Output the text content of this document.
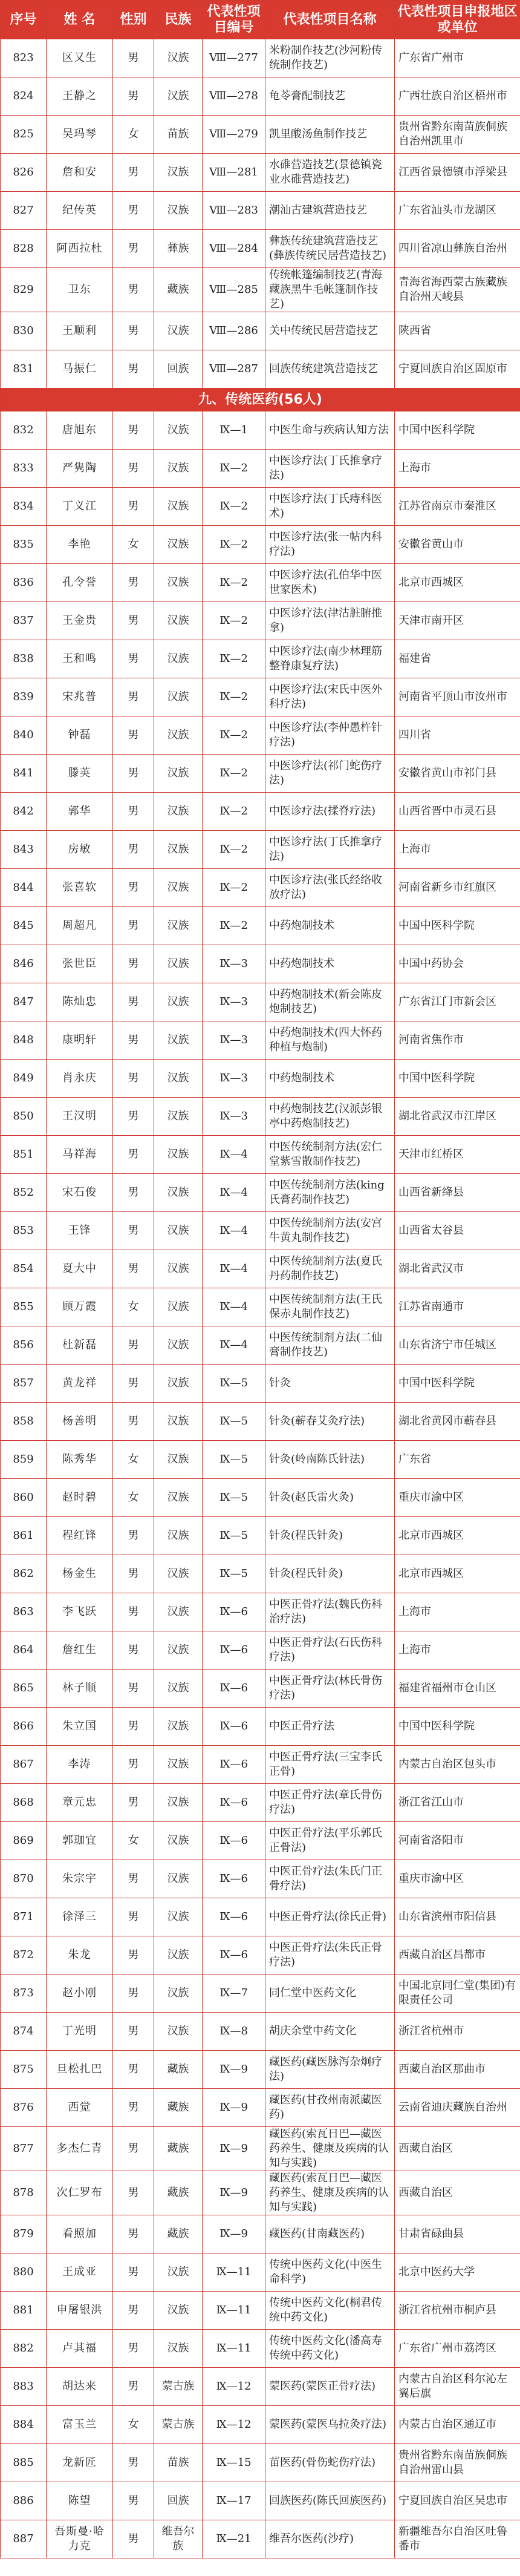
序号	姓 名	性别	民族	代表性项目编号	代表性项目名称	代表性项目申报地区或单位
823	区又生	男	汉族	Ⅷ—277	米粉制作技艺(沙河粉传统制作技艺)	广东省广州市
824	王静之	男	汉族	Ⅷ—278	龟苓膏配制技艺	广西壮族自治区梧州市
825	吴玛琴	女	苗族	Ⅷ—279	凯里酸汤鱼制作技艺	贵州省黔东南苗族侗族自治州凯里市
826	詹和安	男	汉族	Ⅷ—281	水碓营造技艺(景德镇瓷业水碓营造技艺)	江西省景德镇市浮梁县
827	纪传英	男	汉族	Ⅷ—283	潮汕古建筑营造技艺	广东省汕头市龙湖区
828	阿西拉杜	男	彝族	Ⅷ—284	彝族传统建筑营造技艺(彝族传统民居营造技艺)	四川省凉山彝族自治州
829	卫东	男	藏族	Ⅷ—285	传统帐篷编制技艺(青海藏族黑牛毛帐篷制作技艺)	青海省海西蒙古族藏族自治州天峻县
830	王顺利	男	汉族	Ⅷ—286	关中传统民居营造技艺	陕西省
831	马振仁	男	回族	Ⅷ—287	回族传统建筑营造技艺	宁夏回族自治区固原市
九、传统医药(56人)						
832	唐旭东	男	汉族	Ⅸ—1	中医生命与疾病认知方法	中国中医科学院
833	严隽陶	男	汉族	Ⅸ—2	中医诊疗法(丁氏推拿疗法)	上海市
834	丁义江	男	汉族	Ⅸ—2	中医诊疗法(丁氏痔科医术)	江苏省南京市秦淮区
835	李艳	女	汉族	Ⅸ—2	中医诊疗法(张一帖内科疗法)	安徽省黄山市
836	孔令誉	男	汉族	Ⅸ—2	中医诊疗法(孔伯华中医世家医术)	北京市西城区
837	王金贵	男	汉族	Ⅸ—2	中医诊疗法(津沽脏腑推拿)	天津市南开区
838	王和鸣	男	汉族	Ⅸ—2	中医诊疗法(南少林理筋整脊康复疗法)	福建省
839	宋兆普	男	汉族	Ⅸ—2	中医诊疗法(宋氏中医外科疗法)	河南省平顶山市汝州市
840	钟磊	男	汉族	Ⅸ—2	中医诊疗法(李仲愚杵针疗法)	四川省
841	滕英	男	汉族	Ⅸ—2	中医诊疗法(祁门蛇伤疗法)	安徽省黄山市祁门县
842	郭华	男	汉族	Ⅸ—2	中医诊疗法(揉脊疗法)	山西省晋中市灵石县
843	房敏	男	汉族	Ⅸ—2	中医诊疗法(丁氏推拿疗法)	上海市
844	张喜软	男	汉族	Ⅸ—2	中医诊疗法(张氏经络收放疗法)	河南省新乡市红旗区
845	周超凡	男	汉族	Ⅸ—2	中药炮制技术	中国中医科学院
846	张世臣	男	汉族	Ⅸ—3	中药炮制技术	中国中药协会
847	陈灿忠	男	汉族	Ⅸ—3	中药炮制技术(新会陈皮炮制技艺)	广东省江门市新会区
848	康明轩	男	汉族	Ⅸ—3	中药炮制技术(四大怀药种植与炮制)	河南省焦作市
849	肖永庆	男	汉族	Ⅸ—3	中药炮制技术	中国中医科学院
850	王汉明	男	汉族	Ⅸ—3	中药炮制技艺(汉派彭银亭中药炮制技艺)	湖北省武汉市江岸区
851	马祥海	男	汉族	Ⅸ—4	中医传统制剂方法(宏仁堂紫雪散制作技艺)	天津市红桥区
852	宋石俊	男	汉族	Ⅸ—4	中医传统制剂方法(king氏膏药制作技艺)	山西省新绛县
853	王锋	男	汉族	Ⅸ—4	中医传统制剂方法(安宫牛黄丸制作技艺)	山西省太谷县
854	夏大中	男	汉族	Ⅸ—4	中医传统制剂方法(夏氏丹药制作技艺)	湖北省武汉市
855	顾万霞	女	汉族	Ⅸ—4	中医传统制剂方法(王氏保赤丸制作技艺)	江苏省南通市
856	杜新磊	男	汉族	Ⅸ—4	中医传统制剂方法(二仙膏制作技艺)	山东省济宁市任城区
857	黄龙祥	男	汉族	Ⅸ—5	针灸	中国中医科学院
858	杨善明	男	汉族	Ⅸ—5	针灸(蕲春艾灸疗法)	湖北省黄冈市蕲春县
859	陈秀华	女	汉族	Ⅸ—5	针灸(岭南陈氏针法)	广东省
860	赵时碧	女	汉族	Ⅸ—5	针灸(赵氏雷火灸)	重庆市渝中区
861	程红锋	男	汉族	Ⅸ—5	针灸(程氏针灸)	北京市西城区
862	杨金生	男	汉族	Ⅸ—5	针灸(程氏针灸)	北京市西城区
863	李飞跃	男	汉族	Ⅸ—6	中医正骨疗法(魏氏伤科治疗法)	上海市
864	詹红生	男	汉族	Ⅸ—6	中医正骨疗法(石氏伤科疗法)	上海市
865	林子顺	男	汉族	Ⅸ—6	中医正骨疗法(林氏骨伤疗法)	福建省福州市仓山区
866	朱立国	男	汉族	Ⅸ—6	中医正骨疗法	中国中医科学院
867	李涛	男	汉族	Ⅸ—6	中医正骨疗法(三宝李氏正骨)	内蒙古自治区包头市
868	章元忠	男	汉族	Ⅸ—6	中医正骨疗法(章氏骨伤疗法)	浙江省江山市
869	郭珈宜	女	汉族	Ⅸ—6	中医正骨疗法(平乐郭氏正骨法)	河南省洛阳市
870	朱宗宇	男	汉族	Ⅸ—6	中医正骨疗法(朱氏门正骨疗法)	重庆市渝中区
871	徐泽三	男	汉族	Ⅸ—6	中医正骨疗法(徐氏正骨)	山东省滨州市阳信县
872	朱龙	男	汉族	Ⅸ—6	中医正骨疗法(朱氏正骨疗法)	西藏自治区昌都市
873	赵小刚	男	汉族	Ⅸ—7	同仁堂中医药文化	中国北京同仁堂(集团)有限责任公司
874	丁光明	男	汉族	Ⅸ—8	胡庆余堂中药文化	浙江省杭州市
875	旦松扎巴	男	藏族	Ⅸ—9	藏医药(藏医脉泻杂炯疗法)	西藏自治区那曲市
876	西觉	男	藏族	Ⅸ—9	藏医药(甘孜州南派藏医药)	云南省迪庆藏族自治州
877	多杰仁青	男	藏族	Ⅸ—9	藏医药(索瓦日巴—藏医药养生、健康及疾病的认知与实践)	西藏自治区
878	次仁罗布	男	藏族	Ⅸ—9	藏医药(索瓦日巴—藏医药养生、健康及疾病的认知与实践)	西藏自治区
879	看照加	男	藏族	Ⅸ—9	藏医药(甘南藏医药)	甘肃省碌曲县
880	王成亚	男	汉族	Ⅸ—11	传统中医药文化(中医生命科学)	北京中医药大学
881	申屠银洪	男	汉族	Ⅸ—11	传统中医药文化(桐君传统中药文化)	浙江省杭州市桐庐县
882	卢其福	男	汉族	Ⅸ—11	传统中医药文化(潘高寿传统中药文化)	广东省广州市荔湾区
883	胡达来	男	蒙古族	Ⅸ—12	蒙医药(蒙医正骨疗法)	内蒙古自治区科尔沁左翼后旗
884	富玉兰	女	蒙古族	Ⅸ—12	蒙医药(蒙医乌拉灸疗法)	内蒙古自治区通辽市
885	龙新匠	男	苗族	Ⅸ—15	苗医药(骨伤蛇伤疗法)	贵州省黔东南苗族侗族自治州雷山县
886	陈望	男	回族	Ⅸ—17	回族医药(陈氏回族医药)	宁夏回族自治区吴忠市
887	吾斯曼·哈力克	男	维吾尔族	Ⅸ—21	维吾尔医药(沙疗)	新疆维吾尔自治区吐鲁番市
